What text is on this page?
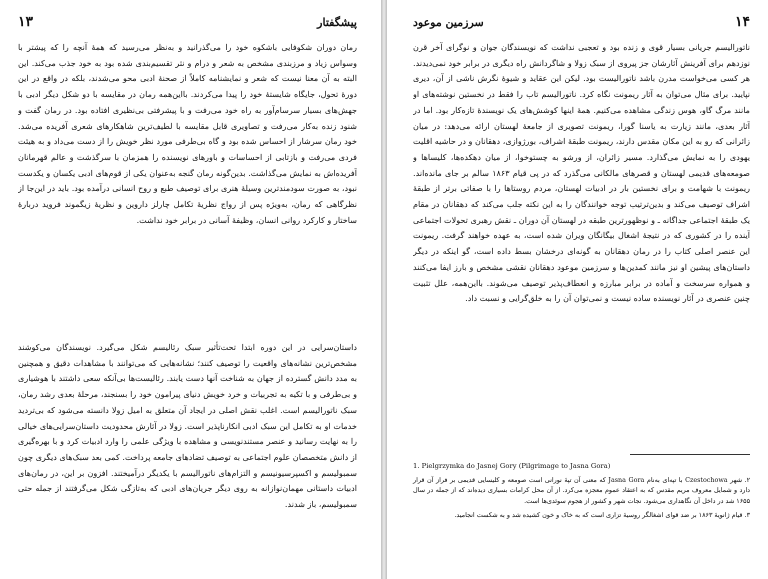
پیشگفتار
۱۳

رمان دوران شکوفایی باشکوه خود را می‌گذرانید و به‌نظر می‌رسید که همهٔ آنچه را که پیشتر با وسواس زیاد و مرزبندی مشخص به شعر و درام و نثر تقسیم‌بندی شده بود به خود جذب می‌کند. این البته به آن معنا نیست که شعر و نمایشنامه کاملاً از صحنهٔ ادبی محو می‌شدند، بلکه در واقع در این دورهٔ تحول، جایگاه شایستهٔ خود را پیدا می‌کردند. بااین‌همه رمان در مقایسه با دو شکل دیگر ادبی با جهش‌های بسیار سرسام‌آور به راه خود می‌رفت و با پیشرفتی بی‌نظیری افتاده بود. در رمان گفت و شنود زنده به‌کار می‌رفت و تصاویری قابل مقایسه با لطیف‌ترین شاهکارهای شعری آفریده می‌شد. خود رمان سرشار از احساس شده بود و گاه بی‌طرفی مورد نظر خویش را از دست می‌داد و به هیئت فردی می‌رفت و بازتابی از احساسات و باورهای نویسنده را همزمان با سرگذشت و عالم قهرمانان آفریده‌اش به نمایش می‌گذاشت. بدین‌گونه رمان گنجه به‌عنوان یکی از قوم‌های ادبی یکسان و یکدست نبود، به صورت سودمندترین وسیلهٔ هنری برای توصیف طبع و روح انسانی درآمده بود. باید در این‌جا از نظرگاهی که رمان، به‌ویژه پس از رواج نظریهٔ تکامل چارلز داروین و نظریهٔ زیگموند فروید دربارهٔ ساختار و کارکرد روانی انسان، وظیفهٔ آسانی در برابر خود نداشت.

داستان‌سرایی در این دوره ابتدا تحت‌تأثیر سبک رئالیسم شکل می‌گیرد. نویسندگان می‌کوشند مشخص‌ترین نشانه‌های واقعیت را توصیف کنند؛ نشانه‌هایی که می‌توانند با مشاهدات دقیق و همچنین به مدد دانش گسترده از جهان به شناخت آنها دست یابند. رئالیست‌ها بی‌آنکه سعی داشتند با هوشیاری و بی‌طرفی و با تکیه به تجربیات و خرد خویش دنیای پیرامون خود را بسنجند، مرحلهٔ بعدی رشد رمان، سبک ناتورالیسم است. اغلب نقش اصلی در ایجاد آن متعلق به امیل زولا دانسته می‌شود که بی‌تردید خدمات او به تکامل این سبک ادبی انکارناپذیر است. زولا در آثارش محدودیت داستان‌سرایی‌های خیالی را به نهایت رسانید و عنصر مستندنویسی و مشاهده با ویژگی علمی را وارد ادبیات کرد و با بهره‌گیری از دانش متخصصان علوم اجتماعی به توصیف تضادهای جامعه پرداخت. کمی بعد سبک‌های دیگری چون سمبولیسم و اکسپرسیونیسم و التزام‌های ناتورالیسم با یکدیگر درآمیختند. افزون بر این، در رمان‌های ادبیات داستانی مهمان‌نوازانه به روی دیگر جریان‌های ادبی که به‌تازگی شکل می‌گرفتند از جمله حتی سمبولیسم، باز شدند.

۱۴
سرزمین موعود

ناتورالیسم جریانی بسیار قوی و زنده بود و تعجبی نداشت که نویسندگان جوان و نوگرای آخر قرن نوزدهم برای آفرینش آثارشان جز پیروی از سبک زولا و شاگردانش راه دیگری در برابر خود نمی‌دیدند. هر کسی می‌خواست مدرن باشد ناتورالیست بود. لیکن این عقاید و شیوهٔ نگرش ناشی از آن، دیری نپایید. برای مثال می‌توان به آثار ریمونت نگاه کرد. ناتورالیسم تاب را فقط در نخستین نوشته‌های او مانند مرگ گاو، هوس زندگی مشاهده می‌کنیم. همهٔ اینها کوشش‌های یک نویسندهٔ تازه‌کار بود. اما در آثار بعدی، مانند زیارت به یاسنا گورا، ریمونت تصویری از جامعهٔ لهستان ارائه می‌دهد: در میان زائرانی که رو به این مکان مقدس دارند، ریمونت طبقهٔ اشراف، بورژوازی، دهقانان و در حاشیه اقلیت یهودی را به نمایش می‌گذارد. مسیر زائران، از ورشو به چستوخوا، از میان دهکده‌ها، کلیساها و صومعه‌های قدیمی لهستان و قصرهای مالکانی می‌گذرد که در پی قیام ۱۸۶۳ سالم بر جای مانده‌اند. ریمونت با شهامت و برای نخستین بار در ادبیات لهستان، مردم روستاها را با صفاتی برتر از طبقهٔ اشراف توصیف می‌کند و بدین‌ترتیب توجه خوانندگان را به این نکته جلب می‌کند که دهقانان در مقام یک طبقهٔ اجتماعی جداگانه ـ و نوظهورترین طبقه در لهستان آن دوران ـ نقش رهبری تحولات اجتماعی آینده را در کشوری که در نتیجهٔ اشغال بیگانگان ویران شده است، به عهده خواهند گرفت. ریمونت این عنصر اصلی کتاب را در رمان دهقانان به گونه‌ای درخشان بسط داده است، گو اینکه در دیگر داستان‌های پیشین او نیز مانند کمدین‌ها و سرزمین موعود دهقانان نقشی مشخص و بارز ایفا می‌کنند و همواره سرسخت و آماده در برابر مبارزه و انعطاف‌پذیر توصیف می‌شوند. بااین‌همه، علل تثبیت چنین عنصری در آثار نویسنده ساده نیست و نمی‌توان آن را به خلق‌گرایی و نسبت داد.

1. Pielgrzymka do Jasnej Gory (Pilgrimage to Jasna Gora)

۲. شهر Czestochowa با تپه‌ای به‌نام Jasna Gora که معنی آن تپهٔ نورانی است صومعه و کلیسایی قدیمی بر فراز آن قرار دارد و شمایل معروف مریم مقدس که به اعتقاد عموم معجزه می‌کرد. از آن محل کرامات بسیاری دیده‌اند که از جمله در سال ۱۶۵۵ شد در داخل آن نگاهداری می‌شود. نجات شهر و کشور از هجوم سوئدی‌ها است.

۳. قیام ژانویهٔ ۱۸۶۳ بر ضد قوای اشغالگر روسیهٔ تزاری است که به خاک و خون کشیده شد و به شکست انجامید.
